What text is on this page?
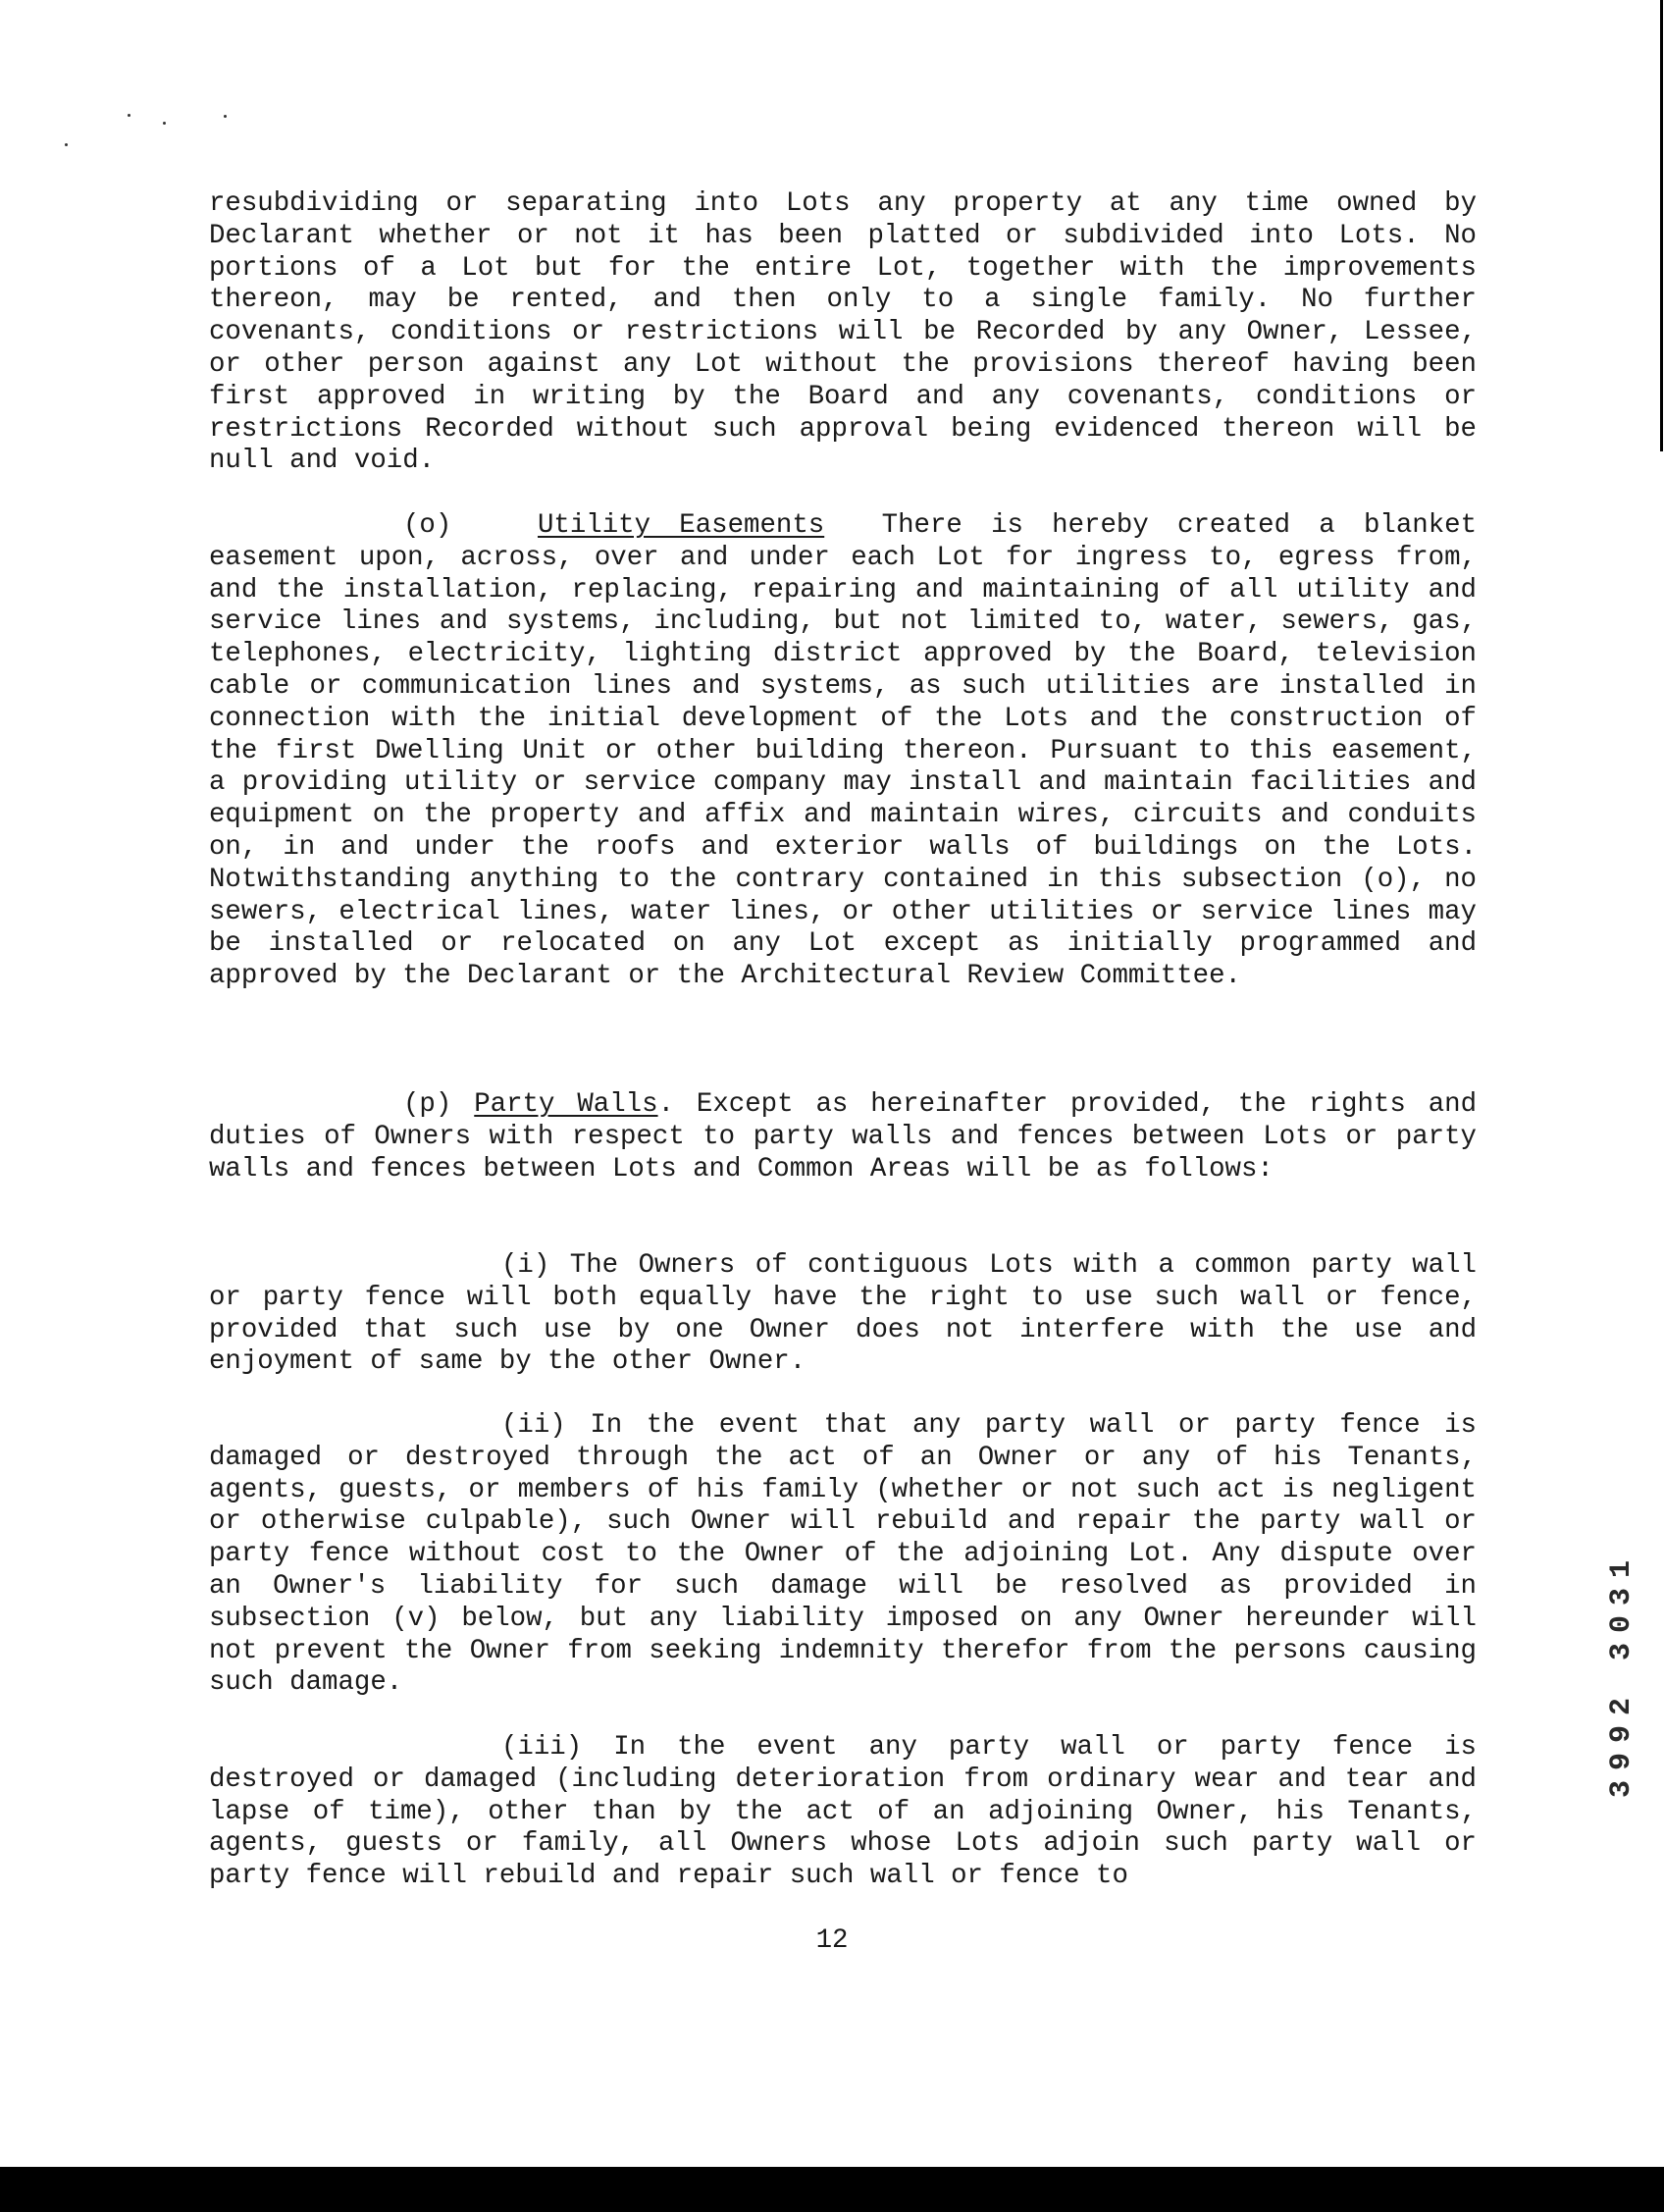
resubdividing or separating into Lots any property at any time owned by Declarant whether or not it has been platted or subdivided into Lots. No portions of a Lot but for the entire Lot, together with the improvements thereon, may be rented, and then only to a single family. No further covenants, conditions or restrictions will be Recorded by any Owner, Lessee, or other person against any Lot without the provisions thereof having been first approved in writing by the Board and any covenants, conditions or restrictions Recorded without such approval being evidenced thereon will be null and void.

(o)	Utility Easements There is hereby created a blanket easement upon, across, over and under each Lot for ingress to, egress from, and the installation, replacing, repairing and maintaining of all utility and service lines and systems, including, but not limited to, water, sewers, gas, telephones, electricity, lighting district approved by the Board, television cable or communication lines and systems, as such utilities are installed in connection with the initial development of the Lots and the construction of the first Dwelling Unit or other building thereon. Pursuant to this easement, a providing utility or service company may install and maintain facilities and equipment on the property and affix and maintain wires, circuits and conduits on, in and under the roofs and exterior walls of buildings on the Lots. Notwithstanding anything to the contrary contained in this subsection (o), no sewers, electrical lines, water lines, or other utilities or service lines may be installed or relocated on any Lot except as initially programmed and approved by the Declarant or the Architectural Review Committee.

(p) Party Walls. Except as hereinafter provided, the rights and duties of Owners with respect to party walls and fences between Lots or party walls and fences between Lots and Common Areas will be as follows:

(i) The Owners of contiguous Lots with a common party wall or party fence will both equally have the right to use such wall or fence, provided that such use by one Owner does not interfere with the use and enjoyment of same by the other Owner.

(ii) In the event that any party wall or party fence is damaged or destroyed through the act of an Owner or any of his Tenants, agents, guests, or members of his family (whether or not such act is negligent or otherwise culpable), such Owner will rebuild and repair the party wall or party fence without cost to the Owner of the adjoining Lot. Any dispute over an Owner's liability for such damage will be resolved as provided in subsection (v) below, but any liability imposed on any Owner hereunder will not prevent the Owner from seeking indemnity therefor from the persons causing such damage.

(iii) In the event any party wall or party fence is destroyed or damaged (including deterioration from ordinary wear and tear and lapse of time), other than by the act of an adjoining Owner, his Tenants, agents, guests or family, all Owners whose Lots adjoin such party wall or party fence will rebuild and repair such wall or fence to

12
3992 3031
